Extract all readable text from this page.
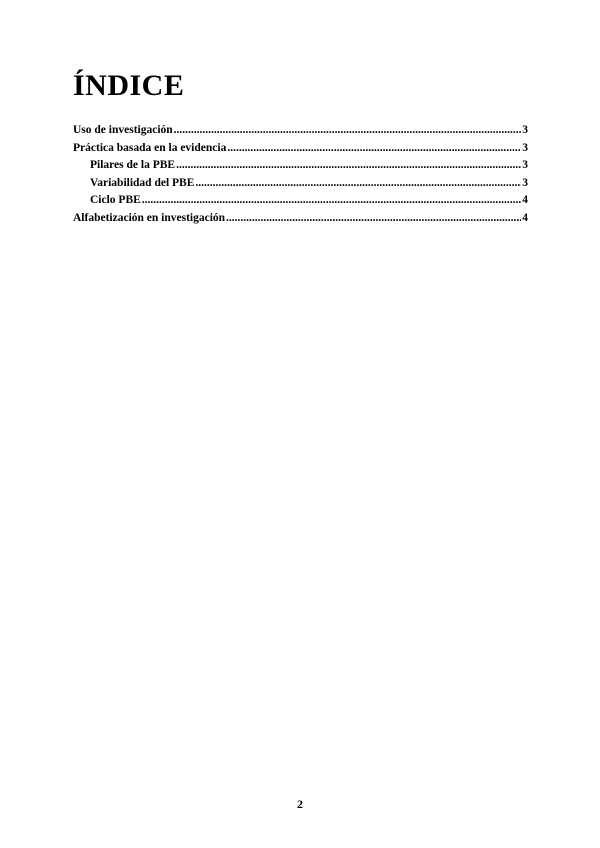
ÍNDICE
Uso de investigación .....	3
Práctica basada en la evidencia .....	3
Pilares de la PBE .....	3
Variabilidad del PBE .....	3
Ciclo PBE .....	4
Alfabetización en investigación .....	4
2
